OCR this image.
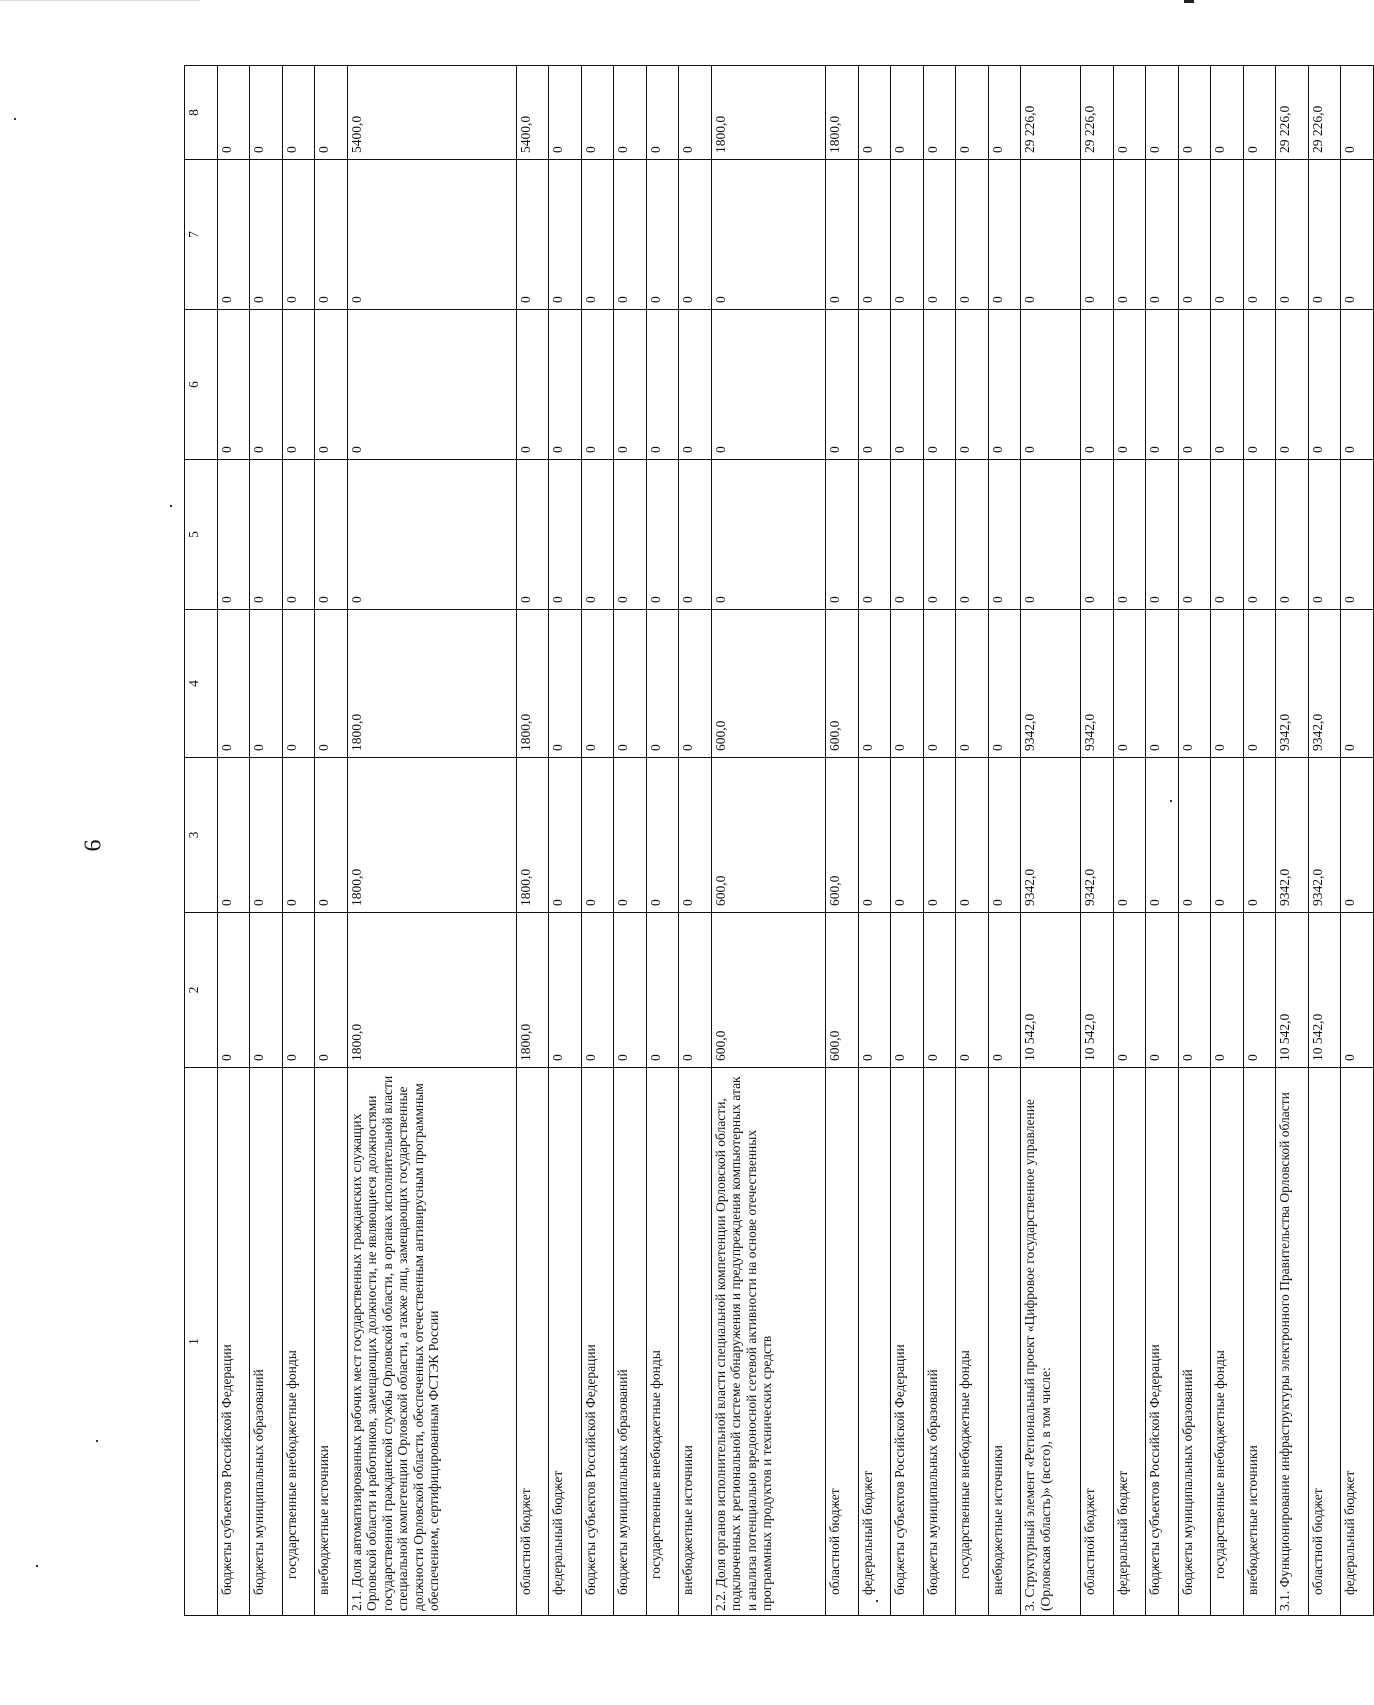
6
1	2	3	4	5	6	7	8
бюджеты субъектов Российской Федерации	0	0	0	0	0	0	0
бюджеты муниципальных образований	0	0	0	0	0	0	0
государственные внебюджетные фонды	0	0	0	0	0	0	0
внебюджетные источники	0	0	0	0	0	0	0
2.1. Доля автоматизированных рабочих мест государственных гражданских служащих Орловской области и работников, замещающих должности, не являющиеся должностями государственной гражданской службы Орловской области, в органах исполнительной власти специальной компетенции Орловской области, а также лиц, замещающих государственные должности Орловской области, обеспеченных отечественным антивирусным программным обеспечением, сертифицированным ФСТЭК России	1800,0	1800,0	1800,0	0	0	0	5400,0
областной бюджет	1800,0	1800,0	1800,0	0	0	0	5400,0
федеральный бюджет	0	0	0	0	0	0	0
бюджеты субъектов Российской Федерации	0	0	0	0	0	0	0
бюджеты муниципальных образований	0	0	0	0	0	0	0
государственные внебюджетные фонды	0	0	0	0	0	0	0
внебюджетные источники	0	0	0	0	0	0	0
2.2. Доля органов исполнительной власти специальной компетенции Орловской области, подключенных к региональной системе обнаружения и предупреждения компьютерных атак и анализа потенциально вредоносной сетевой активности на основе отечественных программных продуктов и технических средств	600,0	600,0	600,0	0	0	0	1800,0
областной бюджет	600,0	600,0	600,0	0	0	0	1800,0
федеральный бюджет	0	0	0	0	0	0	0
бюджеты субъектов Российской Федерации	0	0	0	0	0	0	0
бюджеты муниципальных образований	0	0	0	0	0	0	0
государственные внебюджетные фонды	0	0	0	0	0	0	0
внебюджетные источники	0	0	0	0	0	0	0
3. Структурный элемент «Региональный проект «Цифровое государственное управление (Орловская область)» (всего), в том числе:	10 542,0	9342,0	9342,0	0	0	0	29 226,0
областной бюджет	10 542,0	9342,0	9342,0	0	0	0	29 226,0
федеральный бюджет	0	0	0	0	0	0	0
бюджеты субъектов Российской Федерации	0	0	0	0	0	0	0
бюджеты муниципальных образований	0	0	0	0	0	0	0
государственные внебюджетные фонды	0	0	0	0	0	0	0
внебюджетные источники	0	0	0	0	0	0	0
3.1. Функционирование инфраструктуры электронного Правительства Орловской области	10 542,0	9342,0	9342,0	0	0	0	29 226,0
областной бюджет	10 542,0	9342,0	9342,0	0	0	0	29 226,0
федеральный бюджет	0	0	0	0	0	0	0
